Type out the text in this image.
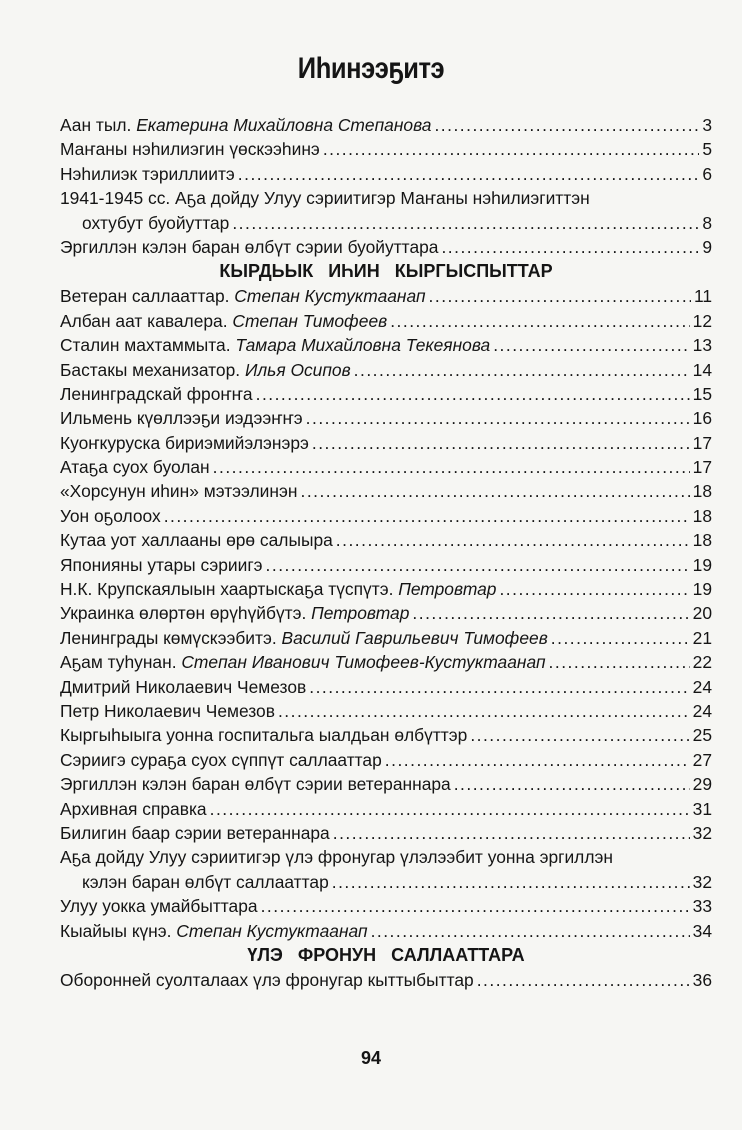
Иһинээҕитэ
Аан тыл. Екатерина Михайловна Степанова .....	3
Маҥаны нэһилиэгин үөскээһинэ .....	5
Нэһилиэк тэриллиитэ .....	6
1941-1945 сс. Аҕа дойду Улуу сэриитигэр Маҥаны нэһилиэгиттэн
охтубут буойуттар .....	8
Эргиллэн кэлэн баран өлбүт сэрии буойуттара .....	9
КЫРДЬЫК ИҺИН КЫРГЫСПЫТТАР
Ветеран саллааттар. Степан Кустуктаанап .....	11
Албан аат кавалера. Степан Тимофеев .....	12
Сталин махтаммыта. Тамара Михайловна Текеянова .....	13
Бастакы механизатор. Илья Осипов .....	14
Ленинградскай фроҥҥа .....	15
Ильмень күөллээҕи иэдээҥҥэ .....	16
Куоҥкуруска бириэмийэлэнэрэ .....	17
Атаҕа суох буолан .....	17
«Хорсунун иһин» мэтээлинэн .....	18
Уон оҕолоох .....	18
Кутаа уот халлааны өрө салыыра .....	18
Японияны утары сэриигэ .....	19
Н.К. Крупскаялыын хаартыскаҕа түспүтэ. Петровтар .....	19
Украинка өлөртөн өрүһүйбүтэ. Петровтар .....	20
Ленинграды көмүскээбитэ. Василий Гаврильевич Тимофеев .....	21
Аҕам туһунан. Степан Иванович Тимофеев-Кустуктаанап .....	22
Дмитрий Николаевич Чемезов .....	24
Петр Николаевич Чемезов .....	24
Кыргыһыыга уонна госпитальга ыалдьан өлбүттэр .....	25
Сэриигэ сураҕа суох сүппүт саллааттар .....	27
Эргиллэн кэлэн баран өлбүт сэрии ветераннара .....	29
Архивная справка .....	31
Билигин баар сэрии ветераннара .....	32
Аҕа дойду Улуу сэриитигэр үлэ фронугар үлэлээбит уонна эргиллэн
кэлэн баран өлбүт саллааттар .....	32
Улуу уокка умайбыттара .....	33
Кыайыы күнэ. Степан Кустуктаанап .....	34
ҮЛЭ ФРОНУН САЛЛААТТАРА
Оборонней суолталаах үлэ фронугар кыттыбыттар .....	36
94
